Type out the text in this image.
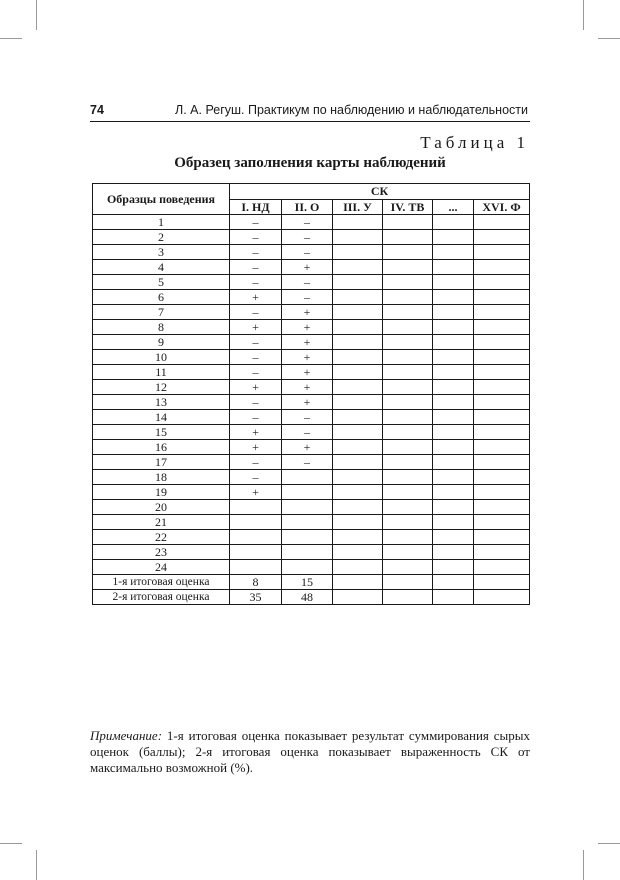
74	Л. А. Регуш. Практикум по наблюдению и наблюдательности
Таблица 1
Образец заполнения карты наблюдений
Образцы поведения	СК					
	I. НД	II. О	III. У	IV. ТВ	...	XVI. Ф
1	–	–				
2	–	–				
3	–	–				
4	–	+				
5	–	–				
6	+	–				
7	–	+				
8	+	+				
9	–	+				
10	–	+				
11	–	+				
12	+	+				
13	–	+				
14	–	–				
15	+	–				
16	+	+				
17	–	–				
18	–					
19	+					
20						
21						
22						
23						
24						
1-я итоговая оценка	8	15				
2-я итоговая оценка	35	48				
Примечание: 1-я итоговая оценка показывает результат суммирования сырых оценок (баллы); 2-я итоговая оценка показывает выраженность СК от максимально возможной (%).
